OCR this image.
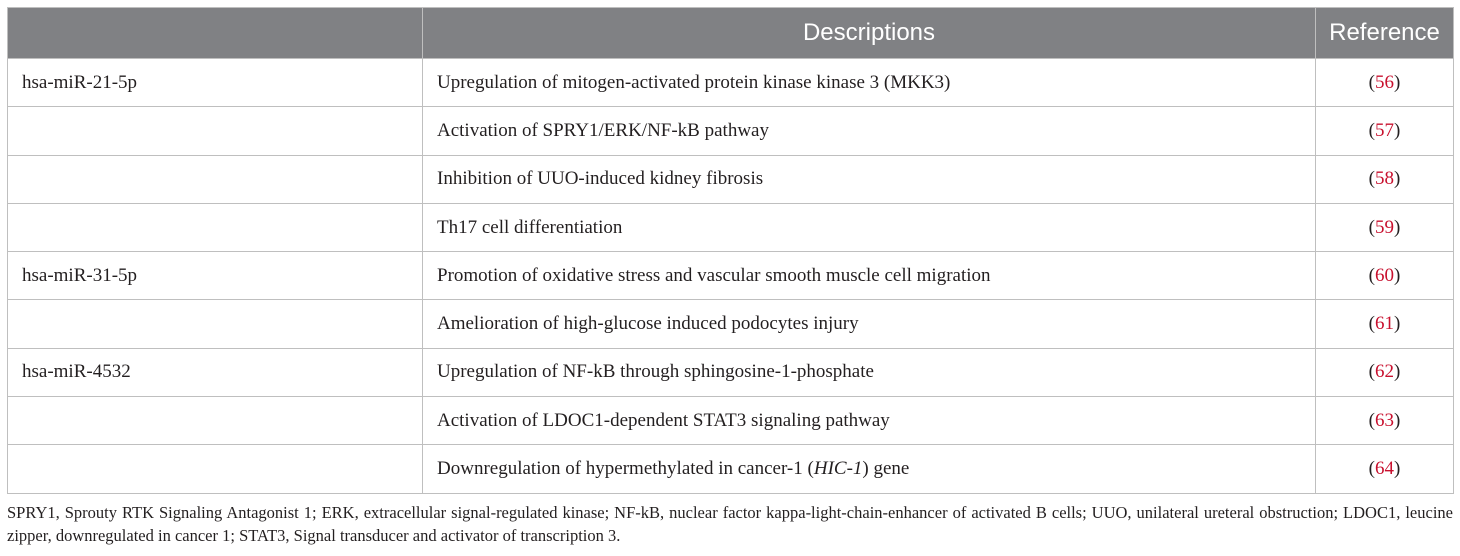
	Descriptions	Reference
hsa-miR-21-5p	Upregulation of mitogen-activated protein kinase kinase 3 (MKK3)	(56)
	Activation of SPRY1/ERK/NF-kB pathway	(57)
	Inhibition of UUO-induced kidney fibrosis	(58)
	Th17 cell differentiation	(59)
hsa-miR-31-5p	Promotion of oxidative stress and vascular smooth muscle cell migration	(60)
	Amelioration of high-glucose induced podocytes injury	(61)
hsa-miR-4532	Upregulation of NF-kB through sphingosine-1-phosphate	(62)
	Activation of LDOC1-dependent STAT3 signaling pathway	(63)
	Downregulation of hypermethylated in cancer-1 (HIC-1) gene	(64)
SPRY1, Sprouty RTK Signaling Antagonist 1; ERK, extracellular signal-regulated kinase; NF-kB, nuclear factor kappa-light-chain-enhancer of activated B cells; UUO, unilateral ureteral obstruction; LDOC1, leucine zipper, downregulated in cancer 1; STAT3, Signal transducer and activator of transcription 3.
